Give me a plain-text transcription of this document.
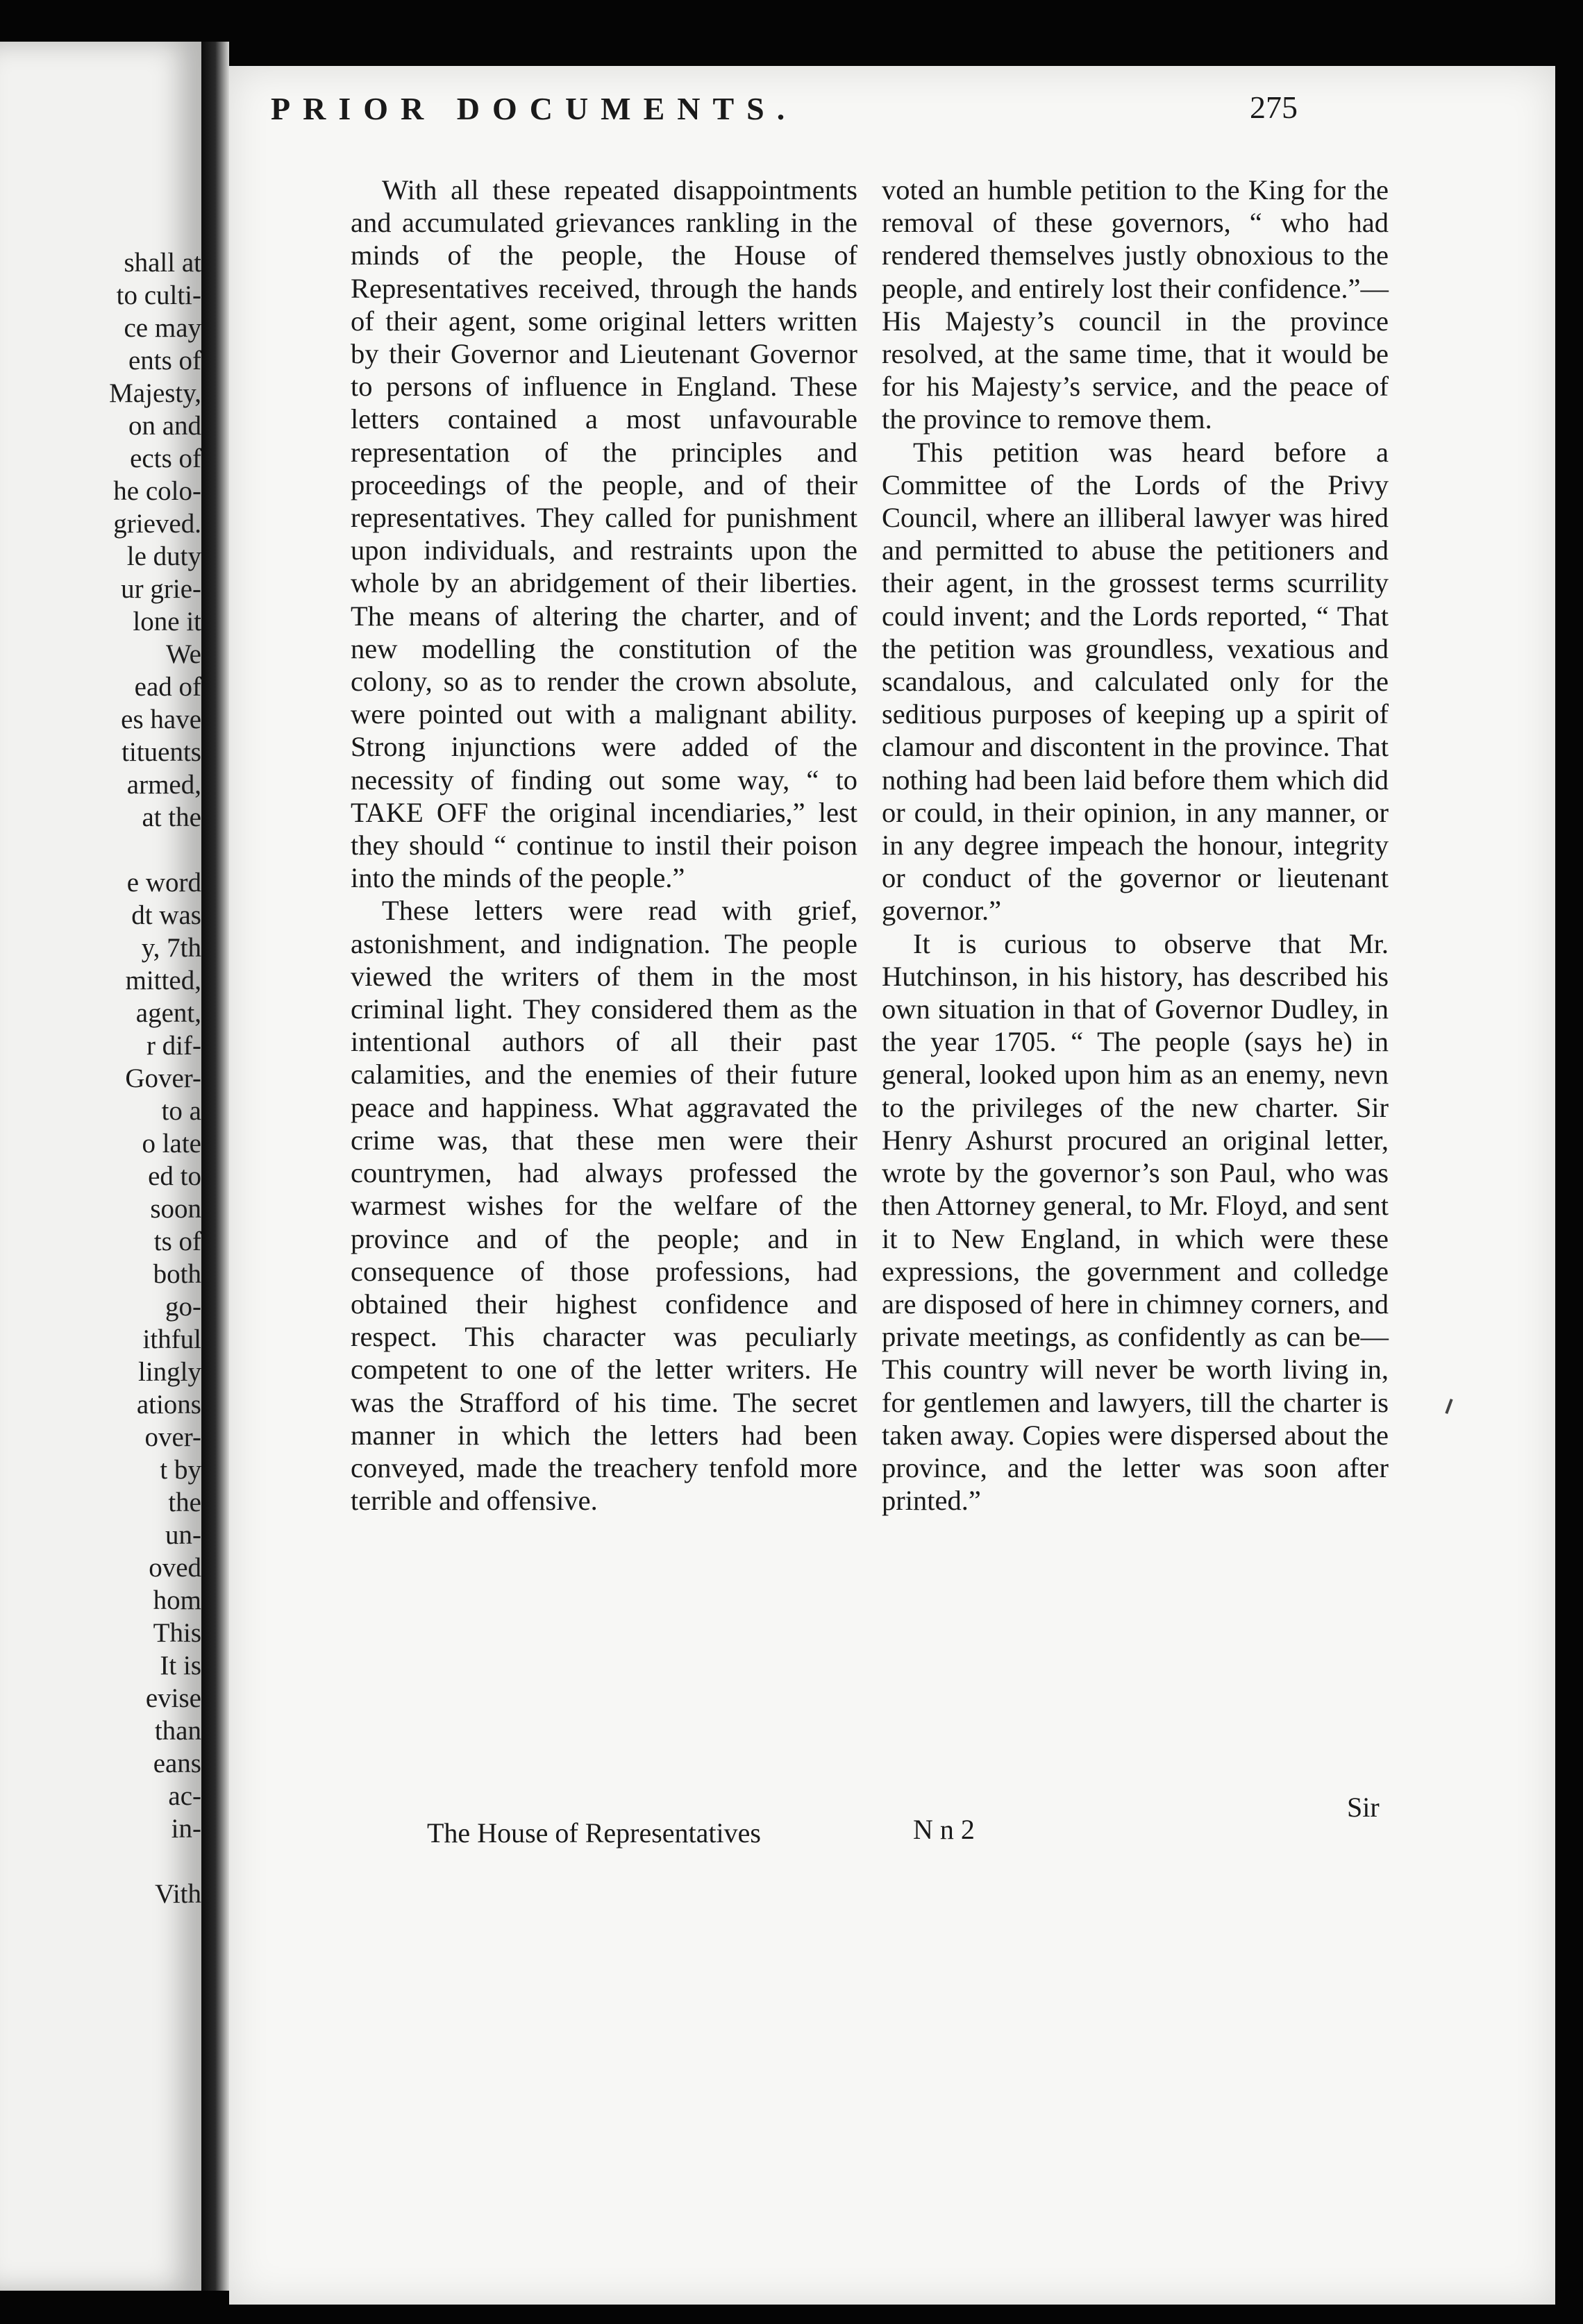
shall at
to culti-
ce may
ents of
Majesty,
on and
ects of
he colo-
grieved.
le duty
ur grie-
lone it
We
ead of
es have
tituents
armed,
at the
e word
dt was
y, 7th
mitted,
agent,
r dif-
Gover-
to a
o late
ed to
soon
ts of
both
go-
ithful
lingly
ations
over-
t by
the
un-
oved
hom
This
It is
evise
than
eans
ac-
in-
Vith
PRIOR DOCUMENTS.	275

With all these repeated disappointments and accumulated grievances rankling in the minds of the people, the House of Representatives received, through the hands of their agent, some original letters written by their Governor and Lieutenant Governor to persons of influence in England. These letters contained a most unfavourable representation of the principles and proceedings of the people, and of their representatives. They called for punishment upon individuals, and restraints upon the whole by an abridgement of their liberties. The means of altering the charter, and of new modelling the constitution of the colony, so as to render the crown absolute, were pointed out with a malignant ability. Strong injunctions were added of the necessity of finding out some way, “ to TAKE OFF the original incendiaries,” lest they should “ continue to instil their poison into the minds of the people.”

These letters were read with grief, astonishment, and indignation. The people viewed the writers of them in the most criminal light. They considered them as the intentional authors of all their past calamities, and the enemies of their future peace and happiness. What aggravated the crime was, that these men were their countrymen, had always professed the warmest wishes for the welfare of the province and of the people; and in consequence of those professions, had obtained their highest confidence and respect. This character was peculiarly competent to one of the letter writers. He was the Strafford of his time. The secret manner in which the letters had been conveyed, made the treachery tenfold more terrible and offensive.

The House of Representatives

voted an humble petition to the King for the removal of these governors, “ who had rendered themselves justly obnoxious to the people, and entirely lost their confidence.”— His Majesty’s council in the province resolved, at the same time, that it would be for his Majesty’s service, and the peace of the province to remove them.

This petition was heard before a Committee of the Lords of the Privy Council, where an illiberal lawyer was hired and permitted to abuse the petitioners and their agent, in the grossest terms scurrility could invent; and the Lords reported, “ That the petition was groundless, vexatious and scandalous, and calculated only for the seditious purposes of keeping up a spirit of clamour and discontent in the province. That nothing had been laid before them which did or could, in their opinion, in any manner, or in any degree impeach the honour, integrity or conduct of the governor or lieutenant governor.”

It is curious to observe that Mr. Hutchinson, in his history, has described his own situation in that of Governor Dudley, in the year 1705. “ The people (says he) in general, looked upon him as an enemy, nevn to the privileges of the new charter. Sir Henry Ashurst procured an original letter, wrote by the governor’s son Paul, who was then Attorney general, to Mr. Floyd, and sent it to New England, in which were these expressions, the government and colledge are disposed of here in chimney corners, and private meetings, as confidently as can be—This country will never be worth living in, for gentlemen and lawyers, till the charter is taken away. Copies were dispersed about the province, and the letter was soon after printed.”

N n 2
Sir
